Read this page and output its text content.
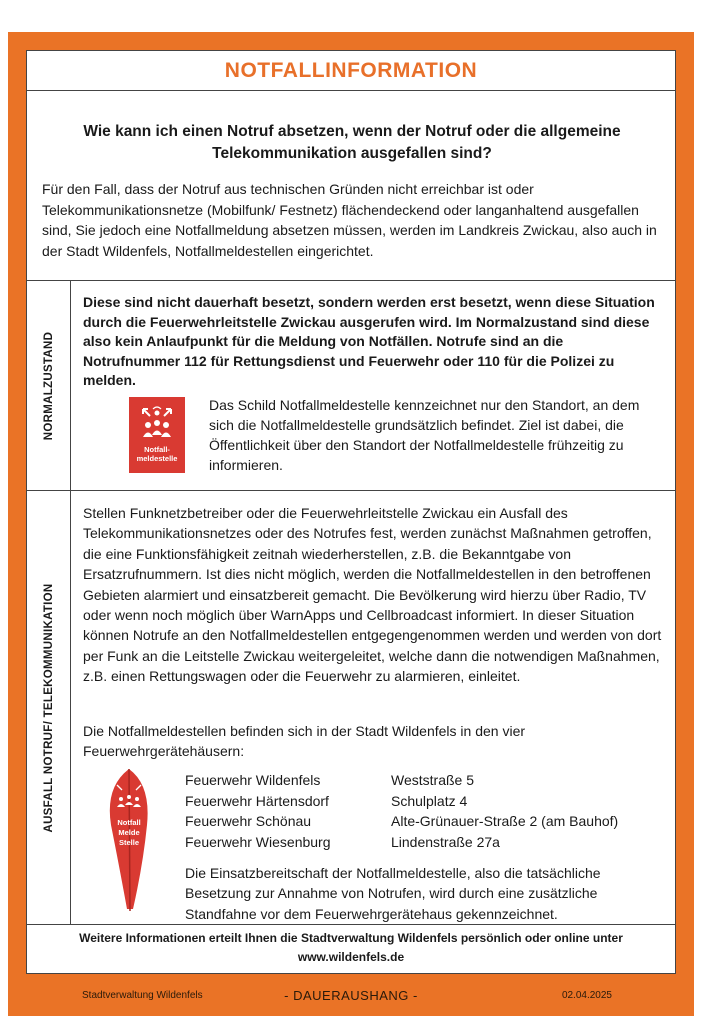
NOTFALLINFORMATION
Wie kann ich einen Notruf absetzen, wenn der Notruf oder die allgemeine Telekommunikation ausgefallen sind?
Für den Fall, dass der Notruf aus technischen Gründen nicht erreichbar ist oder Telekommunikationsnetze (Mobilfunk/ Festnetz) flächendeckend oder langanhaltend ausgefallen sind, Sie jedoch eine Notfallmeldung absetzen müssen, werden im Landkreis Zwickau, also auch in der Stadt Wildenfels, Notfallmeldestellen eingerichtet.
NORMALZUSTAND
Diese sind nicht dauerhaft besetzt, sondern werden erst besetzt, wenn diese Situation durch die Feuerwehrleitstelle Zwickau ausgerufen wird. Im Normalzustand sind diese also kein Anlaufpunkt für die Meldung von Notfällen. Notrufe sind an die Notrufnummer 112 für Rettungsdienst und Feuerwehr oder 110 für die Polizei zu melden.
Notfall-
meldestelle
Das Schild Notfallmeldestelle kennzeichnet nur den Standort, an dem sich die Notfallmeldestelle grundsätzlich befindet. Ziel ist dabei, die Öffentlichkeit über den Standort der Notfallmeldestelle frühzeitig zu informieren.
AUSFALL NOTRUF/ TELEKOMMUNIKATION
Stellen Funknetzbetreiber oder die Feuerwehrleitstelle Zwickau ein Ausfall des Telekommunikationsnetzes oder des Notrufes fest, werden zunächst Maßnahmen getroffen, die eine Funktionsfähigkeit zeitnah wiederherstellen, z.B. die Bekanntgabe von Ersatzrufnummern. Ist dies nicht möglich, werden die Notfallmeldestellen in den betroffenen Gebieten alarmiert und einsatzbereit gemacht. Die Bevölkerung wird hierzu über Radio, TV oder wenn noch möglich über WarnApps und Cellbroadcast informiert. In dieser Situation können Notrufe an den Notfallmeldestellen entgegengenommen werden und werden von dort per Funk an die Leitstelle Zwickau weitergeleitet, welche dann die notwendigen Maßnahmen, z.B. einen Rettungswagen oder die Feuerwehr zu alarmieren, einleitet.
Die Notfallmeldestellen befinden sich in der Stadt Wildenfels in den vier Feuerwehrgerätehäusern:
Notfall
Melde
Stelle
Feuerwehr Wildenfels	Weststraße 5
Feuerwehr Härtensdorf	Schulplatz 4
Feuerwehr Schönau	Alte-Grünauer-Straße 2 (am Bauhof)
Feuerwehr Wiesenburg	Lindenstraße 27a
Die Einsatzbereitschaft der Notfallmeldestelle, also die tatsächliche Besetzung zur Annahme von Notrufen, wird durch eine zusätzliche Standfahne vor dem Feuerwehrgerätehaus gekennzeichnet.
Weitere Informationen erteilt Ihnen die Stadtverwaltung Wildenfels persönlich oder online unter
www.wildenfels.de
Stadtverwaltung Wildenfels	- DAUERAUSHANG -	02.04.2025
